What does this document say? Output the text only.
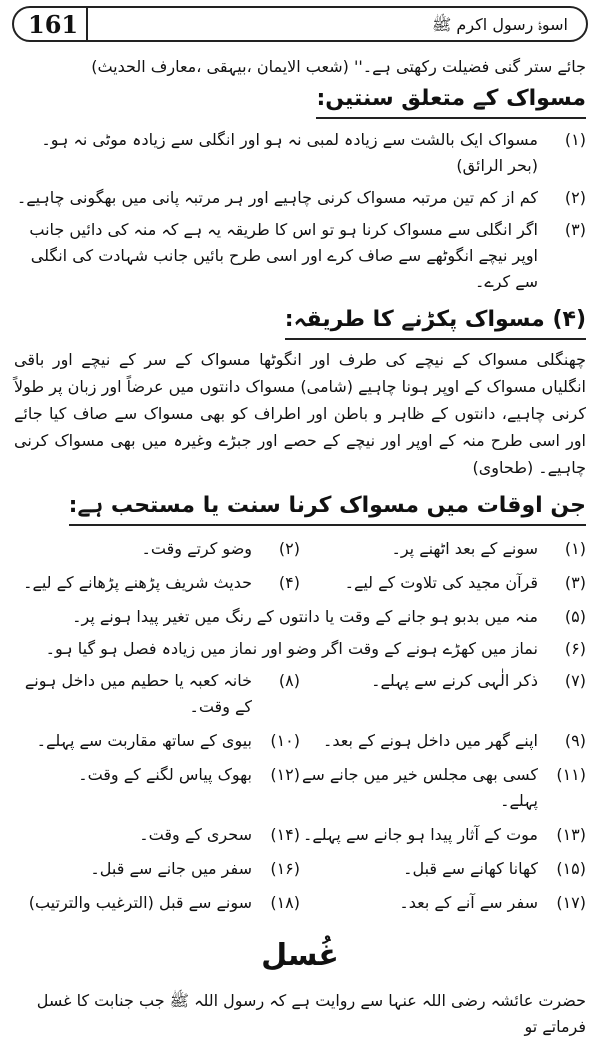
161	اسوۂ رسول اکرم ﷺ

جائے ستر گنی فضیلت رکھتی ہے۔'' (شعب الایمان ،بیہقی ،معارف الحدیث)

مسواک کے متعلق سنتیں:
(۱)
مسواک ایک بالشت سے زیادہ لمبی نہ ہو اور انگلی سے زیادہ موٹی نہ ہو۔ (بحر الرائق)
(۲)
کم از کم تین مرتبہ مسواک کرنی چاہیے اور ہر مرتبہ پانی میں بھگونی چاہیے۔
(۳)
اگر انگلی سے مسواک کرنا ہو تو اس کا طریقہ یہ ہے کہ منہ کی دائیں جانب اوپر نیچے انگوٹھے سے صاف کرے اور اسی طرح بائیں جانب شہادت کی انگلی سے کرے۔
(۴) مسواک پکڑنے کا طریقہ:

چھنگلی مسواک کے نیچے کی طرف اور انگوٹھا مسواک کے سر کے نیچے اور باقی انگلیاں مسواک کے اوپر ہونا چاہیے (شامی) مسواک دانتوں میں عرضاً اور زبان پر طولاً کرنی چاہیے، دانتوں کے ظاہر و باطن اور اطراف کو بھی مسواک سے صاف کیا جائے اور اسی طرح منہ کے اوپر اور نیچے کے حصے اور جبڑے وغیرہ میں بھی مسواک کرنی چاہیے۔ (طحاوی)

جن اوقات میں مسواک کرنا سنت یا مستحب ہے:
(۱)
سونے کے بعد اٹھنے پر۔
(۲)
وضو کرتے وقت۔
(۳)
قرآن مجید کی تلاوت کے لیے۔
(۴)
حدیث شریف پڑھنے پڑھانے کے لیے۔
(۵)
منہ میں بدبو ہو جانے کے وقت یا دانتوں کے رنگ میں تغیر پیدا ہونے پر۔
(۶)
نماز میں کھڑے ہونے کے وقت اگر وضو اور نماز میں زیادہ فصل ہو گیا ہو۔
(۷)
ذکر الٰہی کرنے سے پہلے۔
(۸)
خانہ کعبہ یا حطیم میں داخل ہونے کے وقت۔
(۹)
اپنے گھر میں داخل ہونے کے بعد۔
(۱۰)
بیوی کے ساتھ مقاربت سے پہلے۔
(۱۱)
کسی بھی مجلس خیر میں جانے سے پہلے۔
(۱۲)
بھوک پیاس لگنے کے وقت۔
(۱۳)
موت کے آثار پیدا ہو جانے سے پہلے۔
(۱۴)
سحری کے وقت۔
(۱۵)
کھانا کھانے سے قبل۔
(۱۶)
سفر میں جانے سے قبل۔
(۱۷)
سفر سے آنے کے بعد۔
(۱۸)
سونے سے قبل (الترغیب والترتیب)
غُسل
حضرت عائشہ رضی اللہ عنہا سے روایت ہے کہ رسول اللہ ﷺ جب جنابت کا غسل فرماتے تو
